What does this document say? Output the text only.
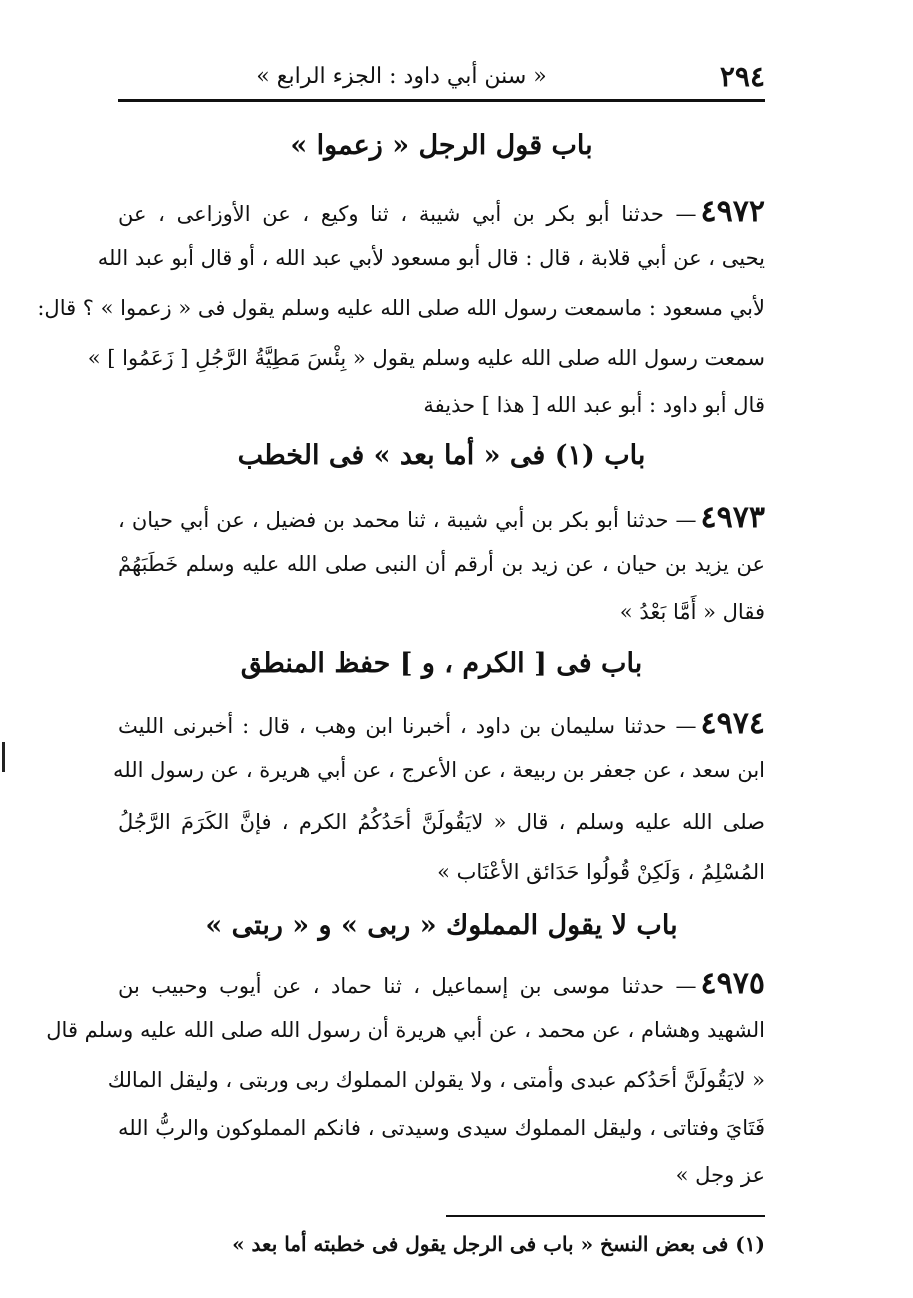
٢٩٤
« سنن أبي داود : الجزء الرابع »
باب قول الرجل « زعموا »
٤٩٧٢— حدثنا أبو بكر بن أبي شيبة ، ثنا وكيع ، عن الأوزاعى ، عن
يحيى ، عن أبي قلابة ، قال : قال أبو مسعود لأبي عبد الله ، أو قال أبو عبد الله
لأبي مسعود : ماسمعت رسول الله صلى الله عليه وسلم يقول فى « زعموا » ؟ قال:
سمعت رسول الله صلى الله عليه وسلم يقول « بِئْسَ مَطِيَّةُ الرَّجُلِ [ زَعَمُوا ] »
قال أبو داود : أبو عبد الله [ هذا ] حذيفة
باب (١) فى « أما بعد » فى الخطب
٤٩٧٣— حدثنا أبو بكر بن أبي شيبة ، ثنا محمد بن فضيل ، عن أبي حيان ،
عن يزيد بن حيان ، عن زيد بن أرقم أن النبى صلى الله عليه وسلم خَطَبَهُمْ
فقال « أَمَّا بَعْدُ »
باب فى [ الكرم ، و ] حفظ المنطق
٤٩٧٤— حدثنا سليمان بن داود ، أخبرنا ابن وهب ، قال : أخبرنى الليث
ابن سعد ، عن جعفر بن ربيعة ، عن الأعرج ، عن أبي هريرة ، عن رسول الله
صلى الله عليه وسلم ، قال « لايَقُولَنَّ أحَدُكُمُ الكرم ، فإنَّ الكَرَمَ الرَّجُلُ
المُسْلِمُ ، وَلَكِنْ قُولُوا حَدَائق الأعْنَاب »
باب لا يقول المملوك « ربى » و « ربتى »
٤٩٧٥— حدثنا موسى بن إسماعيل ، ثنا حماد ، عن أيوب وحبيب بن
الشهيد وهشام ، عن محمد ، عن أبي هريرة أن رسول الله صلى الله عليه وسلم قال
« لايَقُولَنَّ أحَدُكم عبدى وأمتى ، ولا يقولن المملوك ربى وربتى ، وليقل المالك
فَتَايَ وفتاتى ، وليقل المملوك سيدى وسيدتى ، فانكم المملوكون والربُّ الله
عز وجل »
(١) فى بعض النسخ « باب فى الرجل يقول فى خطبته أما بعد »
